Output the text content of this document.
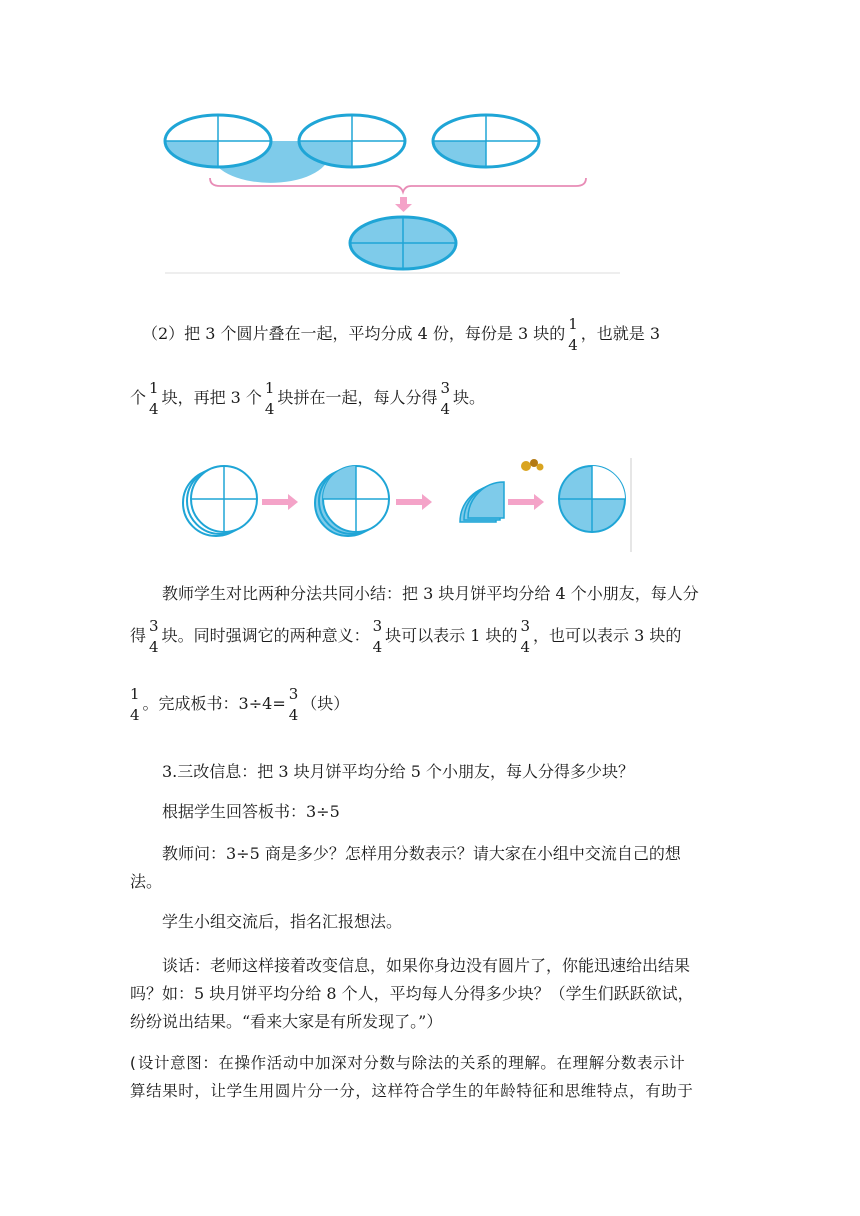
（2）把 3 个圆片叠在一起，平均分成 4 份，每份是 3 块的 1
4
，也就是 3
个 1
4
块，再把 3 个 1
4
块拼在一起，每人分得 3
4
块。
教师学生对比两种分法共同小结：把 3 块月饼平均分给 4 个小朋友，每人分
得 3
4
块。同时强调它的两种意义： 3
4
块可以表示 1 块的 3
4
，也可以表示 3 块的
1
4
。完成板书：3÷4= 3
4
（块）
3.三改信息：把 3 块月饼平均分给 5 个小朋友，每人分得多少块？
根据学生回答板书：3÷5
教师问：3÷5 商是多少？怎样用分数表示？请大家在小组中交流自己的想
法。
学生小组交流后，指名汇报想法。
谈话：老师这样接着改变信息，如果你身边没有圆片了，你能迅速给出结果
吗？如：5 块月饼平均分给 8 个人，平均每人分得多少块？（学生们跃跃欲试，
纷纷说出结果。“看来大家是有所发现了。”）
(设计意图：在操作活动中加深对分数与除法的关系的理解。在理解分数表示计
算结果时，让学生用圆片分一分，这样符合学生的年龄特征和思维特点，有助于
